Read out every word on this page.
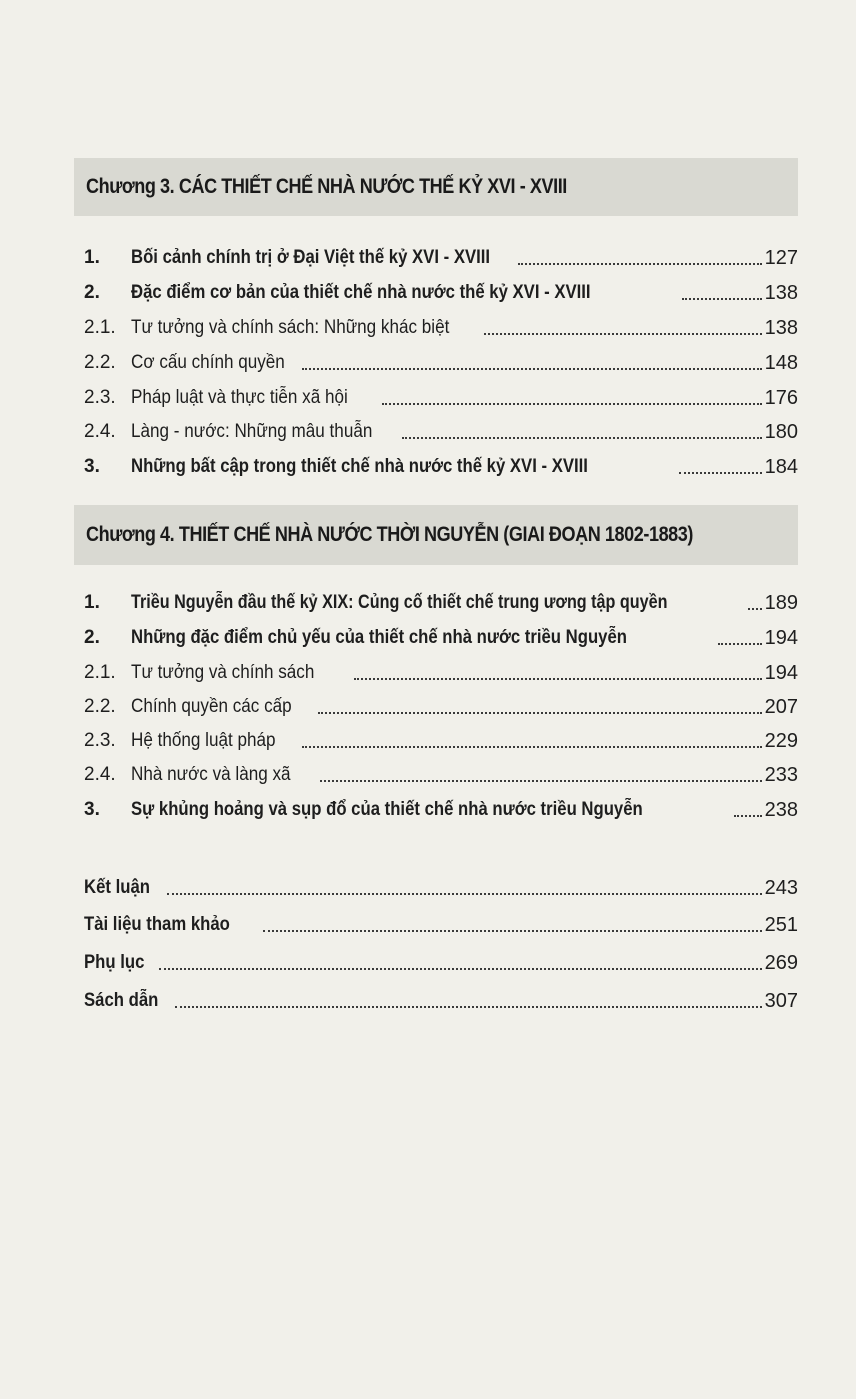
Chương 3. CÁC THIẾT CHẾ NHÀ NƯỚC THẾ KỶ XVI - XVIII
1.	Bối cảnh chính trị ở Đại Việt thế kỷ XVI - XVIII	127
2.	Đặc điểm cơ bản của thiết chế nhà nước thế kỷ XVI - XVIII	138
2.1. Tư tưởng và chính sách: Những khác biệt	138
2.2. Cơ cấu chính quyền	148
2.3. Pháp luật và thực tiễn xã hội	176
2.4. Làng - nước: Những mâu thuẫn	180
3.	Những bất cập trong thiết chế nhà nước thế kỷ XVI - XVIII	184
Chương 4. THIẾT CHẾ NHÀ NƯỚC THỜI NGUYỄN (GIAI ĐOẠN 1802-1883)
1.	Triều Nguyễn đầu thế kỷ XIX: Củng cố thiết chế trung ương tập quyền	189
2.	Những đặc điểm chủ yếu của thiết chế nhà nước triều Nguyễn	194
2.1. Tư tưởng và chính sách	194
2.2. Chính quyền các cấp	207
2.3. Hệ thống luật pháp	229
2.4. Nhà nước và làng xã	233
3.	Sự khủng hoảng và sụp đổ của thiết chế nhà nước triều Nguyễn	238
Kết luận	243
Tài liệu tham khảo	251
Phụ lục	269
Sách dẫn	307
